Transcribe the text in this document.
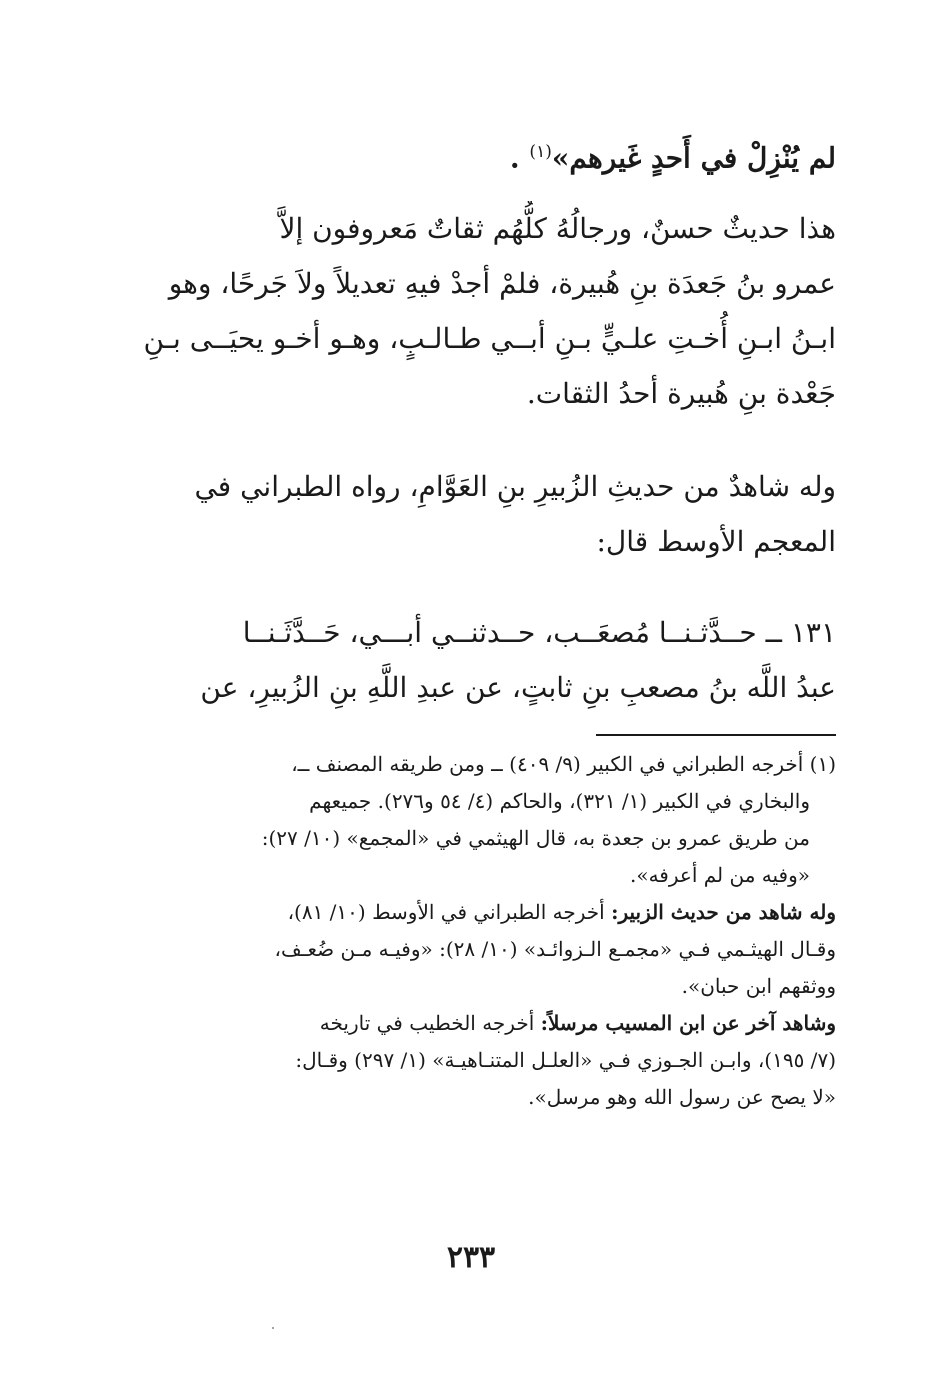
لم يُنْزِلْ في أَحدٍ غَيرهم»$^{(١)}$ .
هذا حديثٌ حسنٌ، ورجالُهُ كلُّهُم ثقاتٌ مَعروفون إلاَّ
عمرو بنُ جَعدَة بنِ هُبيرة، فلمْ أجدْ فيهِ تعديلاً ولاَ جَرحًا، وهو
ابـنُ ابـنِ أُخـتِ علـيٍّ بـنِ أبــي طـالـبٍ، وهـو أخـو يحيَــى بـنِ
جَعْدة بنِ هُبيرة أحدُ الثقات.
وله شاهدٌ من حديثِ الزُبيرِ بنِ العَوَّامِ، رواه الطبراني في
المعجم الأوسط قال:
١٣١ ــ حــدَّثـنــا مُصعَــب، حــدثنــي أبـــي، حَــدَّثَـنــا
عبدُ اللَّه بنُ مصعبِ بنِ ثابتٍ، عن عبدِ اللَّهِ بنِ الزُبيرِ، عن
(١) أخرجه الطبراني في الكبير (٩/ ٤٠٩) ــ ومن طريقه المصنف ــ،
والبخاري في الكبير (١/ ٣٢١)، والحاكم (٤/ ٥٤ و٢٧٦). جميعهم
من طريق عمرو بن جعدة به، قال الهيثمي في «المجمع» (١٠/ ٢٧):
«وفيه من لم أعرفه».
وله شاهد من حديث الزبير: أخرجه الطبراني في الأوسط (١٠/ ٨١)،
وقـال الهيثـمي فـي «مجمـع الـزوائـد» (١٠/ ٢٨): «وفيـه مـن ضُعـف،
ووثقهم ابن حبان».
وشاهد آخر عن ابن المسيب مرسلاً: أخرجه الخطيب في تاريخه
(٧/ ١٩٥)، وابـن الجـوزي فـي «العلـل المتنـاهيـة» (١/ ٢٩٧) وقـال:
«لا يصح عن رسول الله وهو مرسل».
٢٣٣
